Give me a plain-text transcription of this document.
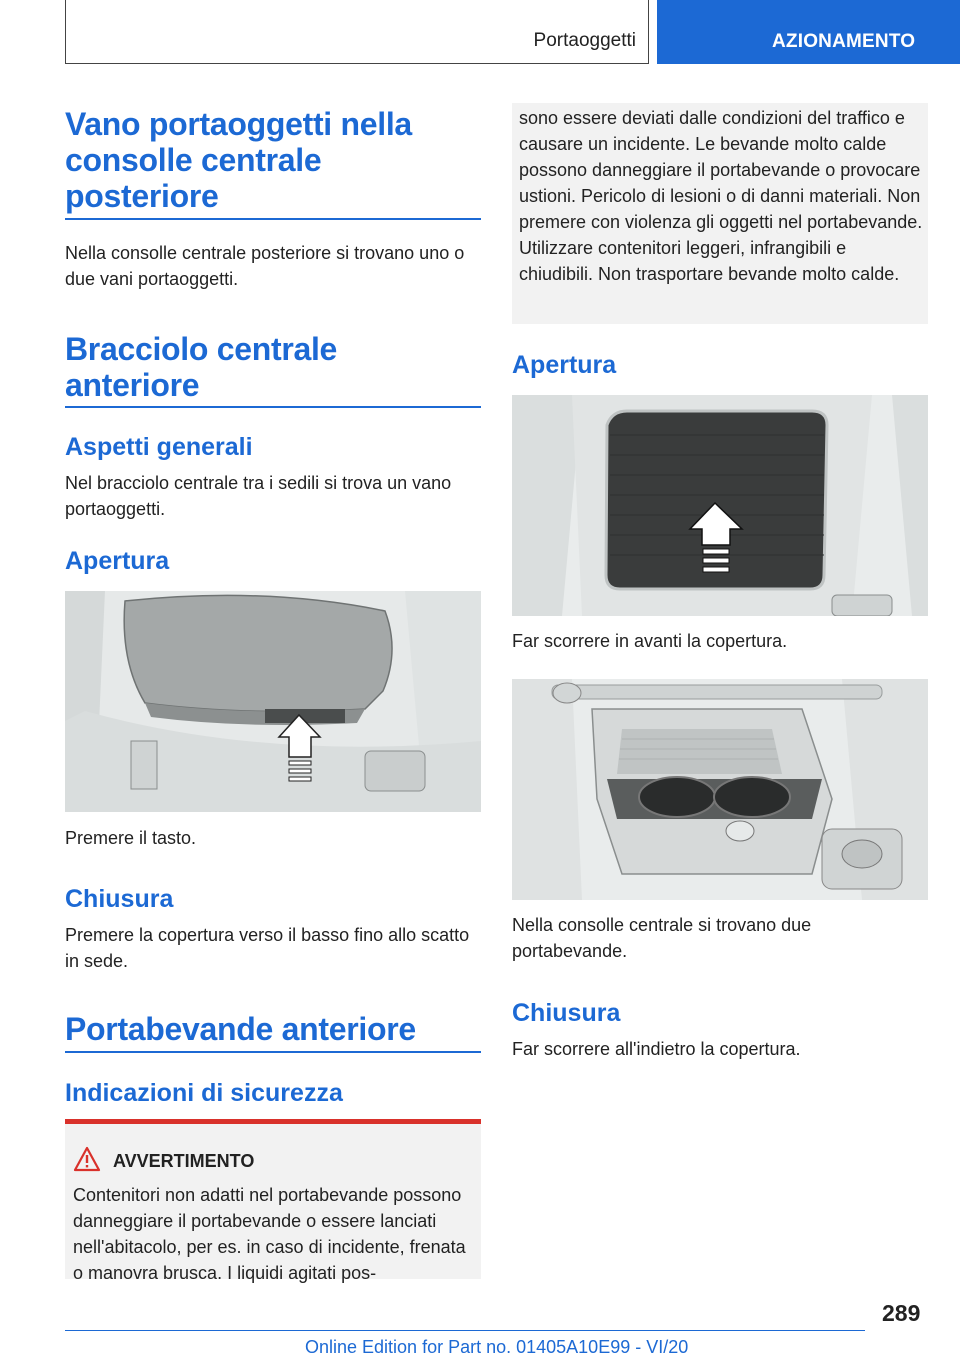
Portaoggetti	AZIONAMENTO
Vano portaoggetti nella consolle centrale posteriore
Nella consolle centrale posteriore si trovano uno o due vani portaoggetti.
Bracciolo centrale anteriore
Aspetti generali
Nel bracciolo centrale tra i sedili si trova un vano portaoggetti.
Apertura
Premere il tasto.
Chiusura
Premere la copertura verso il basso fino allo scatto in sede.
Portabevande anteriore
Indicazioni di sicurezza
AVVERTIMENTO
Contenitori non adatti nel portabevande possono danneggiare il portabevande o essere lanciati nell'abitacolo, per es. in caso di incidente, frenata o manovra brusca. I liquidi agitati pos-
sono essere deviati dalle condizioni del traffico e causare un incidente. Le bevande molto calde possono danneggiare il portabevande o provocare ustioni. Pericolo di lesioni o di danni materiali. Non premere con violenza gli oggetti nel portabevande. Utilizzare contenitori leggeri, infrangibili e chiudibili. Non trasportare bevande molto calde.
Apertura
Far scorrere in avanti la copertura.
Nella consolle centrale si trovano due portabevande.
Chiusura
Far scorrere all'indietro la copertura.
289
Online Edition for Part no. 01405A10E99 - VI/20
